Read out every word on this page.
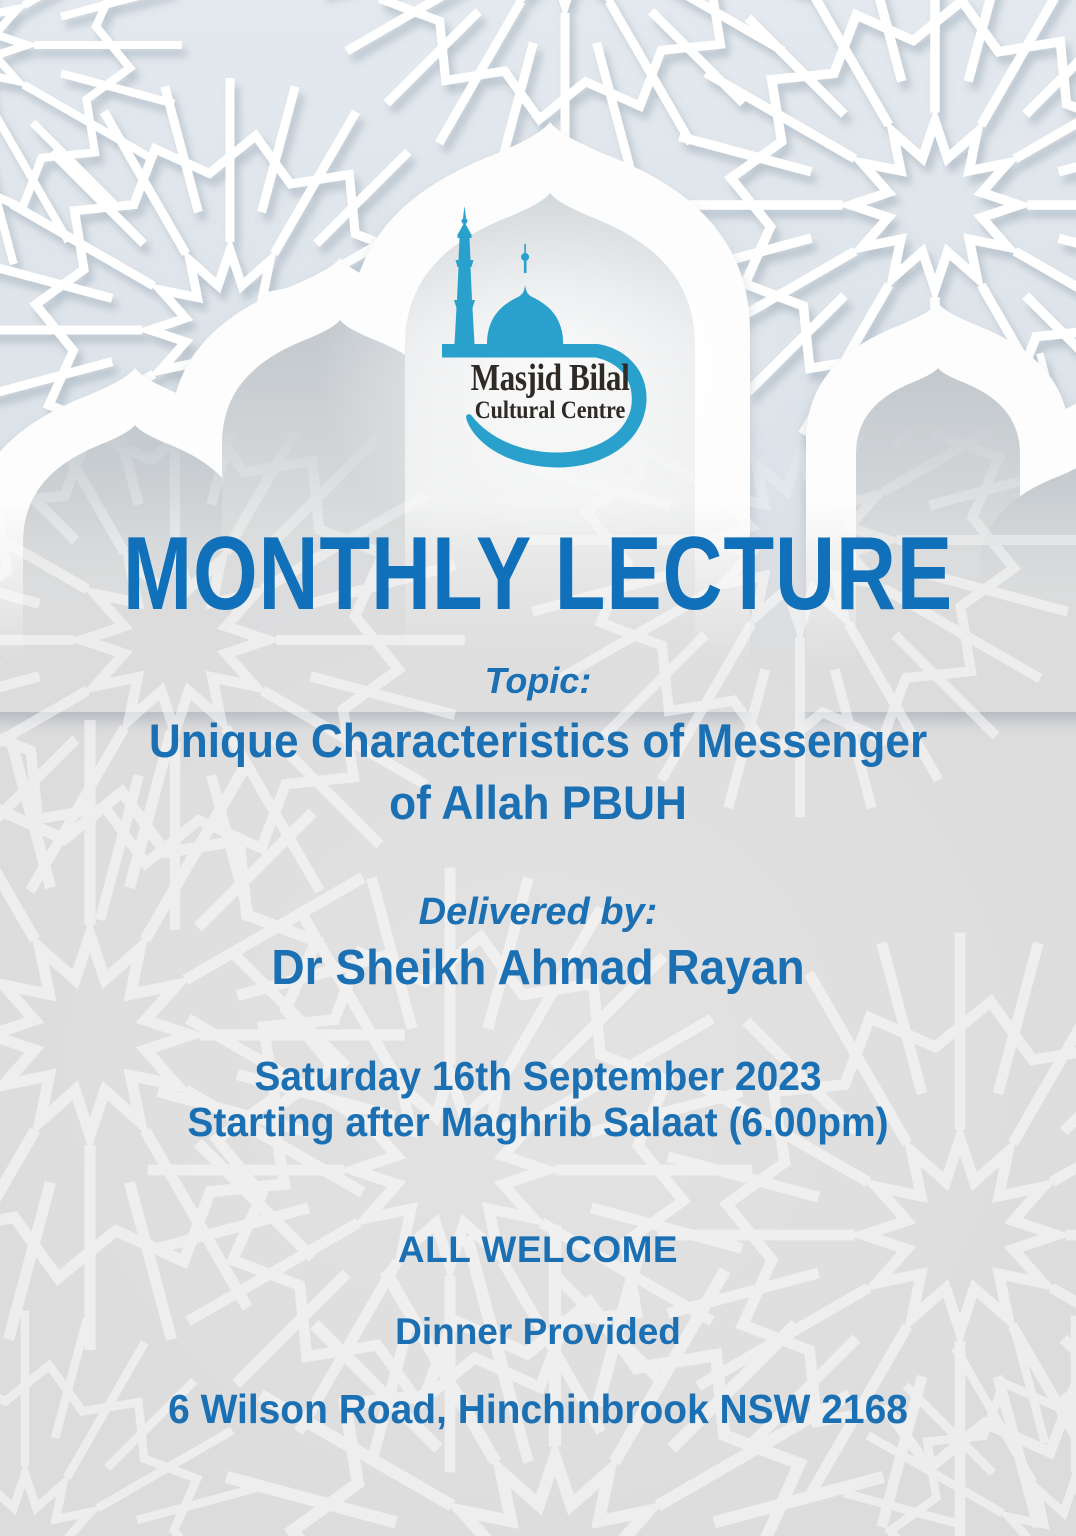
Masjid Bilal
Cultural Centre
MONTHLY LECTURE
Topic:
Unique Characteristics of Messenger
of Allah PBUH
Delivered by:
Dr Sheikh Ahmad Rayan
Saturday 16th September 2023
Starting after Maghrib Salaat (6.00pm)
ALL WELCOME
Dinner Provided
6 Wilson Road, Hinchinbrook NSW 2168
